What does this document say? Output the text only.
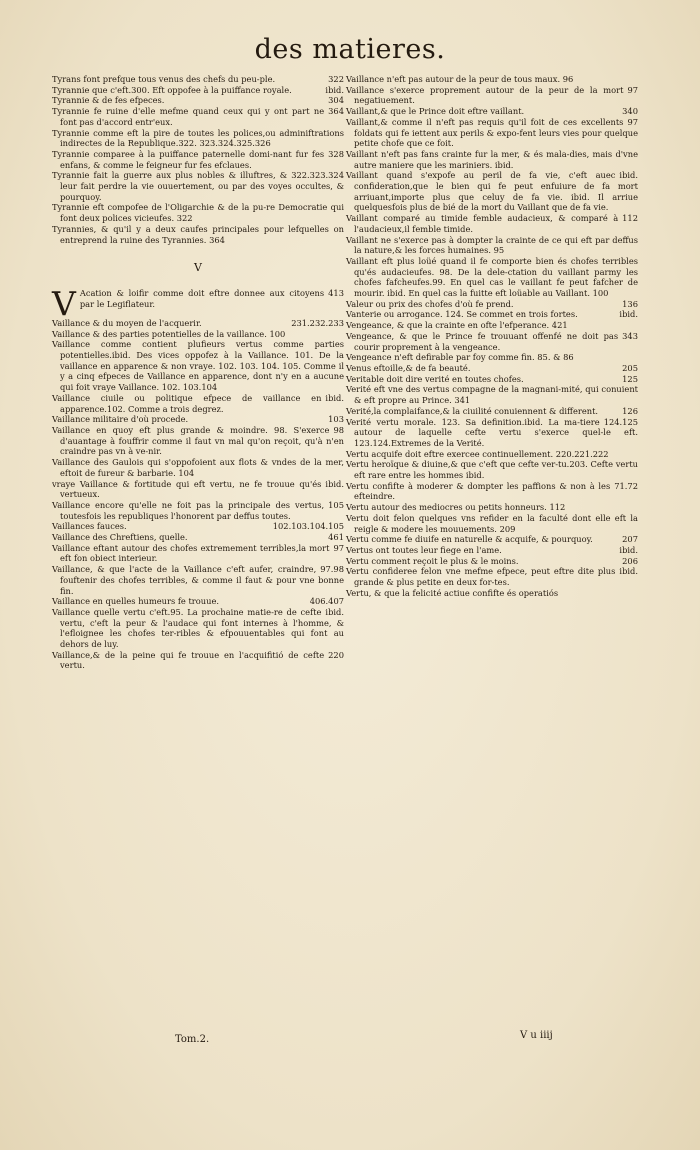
des matieres.
322
Tyrans font prefque tous venus des chefs du peu-ple.
ibid.
Tyrannie que c'eft.300. Eft oppofee à la puiffance royale.
304
Tyrannie & de fes efpeces.
364
Tyrannie fe ruine d'elle mefme quand ceux qui y ont part ne font pas d'accord entr'eux.
Tyrannie comme eft la pire de toutes les polices,ou adminiftrations indirectes de la Republique.322. 323.324.325.326
328
Tyrannie comparee à la puiffance paternelle domi-nant fur fes enfans, & comme le feigneur fur fes efclaues.
322.323.324
Tyrannie fait la guerre aux plus nobles & illuftres, & leur fait perdre la vie ouuertement, ou par des voyes occultes, & pourquoy.
Tyrannie eft compofee de l'Oligarchie & de la pu-re Democratie qui font deux polices vicieufes. 322
Tyrannies, & qu'il y a deux caufes principales pour lefquelles on entreprend la ruine des Tyrannies. 364
V
V	413
Acation & loifir comme doit eftre donnee aux citoyens par le Legiflateur.
231.232.233
Vaillance & du moyen de l'acquerir.
Vaillance & des parties potentielles de la vaillance. 100
Vaillance comme contient plufieurs vertus comme parties potentielles.ibid. Des vices oppofez à la Vaillance. 101. De la vaillance en apparence & non vraye. 102. 103. 104. 105. Comme il y a cinq efpeces de Vaillance en apparence, dont n'y en a aucune qui foit vraye Vaillance. 102. 103.104
ibid.
Vaillance ciuile ou politique efpece de vaillance en apparence.102. Comme a trois degrez.
103
Vaillance militaire d'où procede.
98
Vaillance en quoy eft plus grande & moindre. 98. S'exerce d'auantage à fouffrir comme il faut vn mal qu'on reçoit, qu'à n'en craindre pas vn à ve-nir.
Vaillance des Gaulois qui s'oppofoient aux flots & vndes de la mer, eftoit de fureur & barbarie. 104
ibid.
vraye Vaillance & fortitude qui eft vertu, ne fe trouue qu'és vertueux.
105
Vaillance encore qu'elle ne foit pas la principale des vertus, toutesfois les republiques l'honorent par deffus toutes.
102.103.104.105
Vaillances fauces.
461
Vaillance des Chreftiens, quelle.
97
Vaillance eftant autour des chofes extremement terribles,la mort eft fon obiect interieur.
97.98
Vaillance, & que l'acte de la Vaillance c'eft aufer, craindre, fouftenir des chofes terribles, & comme il faut & pour vne bonne fin.
406.407
Vaillance en quelles humeurs fe trouue.
ibid.
Vaillance quelle vertu c'eft.95. La prochaine matie-re de cefte vertu, c'eft la peur & l'audace qui font internes à l'homme, & l'efloignee les chofes ter-ribles & efpouuentables qui font au dehors de luy.
220
Vaillance,& de la peine qui fe trouue en l'acquifitió de cefte vertu.
Vaillance n'eft pas autour de la peur de tous maux. 96
97
Vaillance s'exerce proprement autour de la peur de la mort negatiuement.
340
Vaillant,& que le Prince doit eftre vaillant.
97
Vaillant,& comme il n'eft pas requis qu'il foit de ces excellents foldats qui fe iettent aux perils & expo-fent leurs vies pour quelque petite chofe que ce foit.
Vaillant n'eft pas fans crainte fur la mer, & és mala-dies, mais d'vne autre maniere que les mariniers. ibid.
ibid.
Vaillant quand s'expofe au peril de fa vie, c'eft auec confideration,que le bien qui fe peut enfuiure de fa mort arriuant,importe plus que celuy de fa vie. ibid. Il arriue quelquesfois plus de bié de la mort du Vaillant que de fa vie.
112
Vaillant comparé au timide femble audacieux, & comparé à l'audacieux,il femble timide.
Vaillant ne s'exerce pas à dompter la crainte de ce qui eft par deffus la nature,& les forces humaines. 95
Vaillant eft plus loüé quand il fe comporte bien és chofes terribles qu'és audacieufes. 98. De la dele-ctation du vaillant parmy les chofes fafcheufes.99. En quel cas le vaillant fe peut fafcher de mourir. ibid. En quel cas la fuitte eft loüable au Vaillant. 100
136
Valeur ou prix des chofes d'où fe prend.
ibid.
Vanterie ou arrogance. 124. Se commet en trois fortes.
Vengeance, & que la crainte en ofte l'efperance. 421
343
Vengeance, & que le Prince fe trouuant offenfé ne doit pas courir proprement à la vengeance.
Vengeance n'eft defirable par foy comme fin. 85. & 86
205
Venus eftoille,& de fa beauté.
125
Veritable doit dire verité en toutes chofes.
Verité eft vne des vertus compagne de la magnani-mité, qui conuient & eft propre au Prince. 341
126
Verité,la complaifance,& la ciuilité conuiennent & different.
124.125
Verité vertu morale. 123. Sa definition.ibid. La ma-tiere autour de laquelle cefte vertu s'exerce quel-le eft. 123.124.Extremes de la Verité.
Vertu acquife doit eftre exercee continuellement. 220.221.222
Vertu heroïque & diuine,& que c'eft que cefte ver-tu.203. Cefte vertu eft rare entre les hommes ibid.
71.72
Vertu confifte à moderer & dompter les paffions & non à les efteindre.
Vertu autour des mediocres ou petits honneurs. 112
Vertu doit felon quelques vns refider en la faculté dont elle eft la reigle & modere les mouuements. 209
207
Vertu comme fe diuife en naturelle & acquife, & pourquoy.
ibid.
Vertus ont toutes leur fiege en l'ame.
206
Vertu comment reçoit le plus & le moins.
ibid.
Vertu confideree felon vne mefme efpece, peut eftre dite plus grande & plus petite en deux for-tes.
Vertu, & que la felicité actiue confifte és operatiós
Tom.2.	V u iiij
